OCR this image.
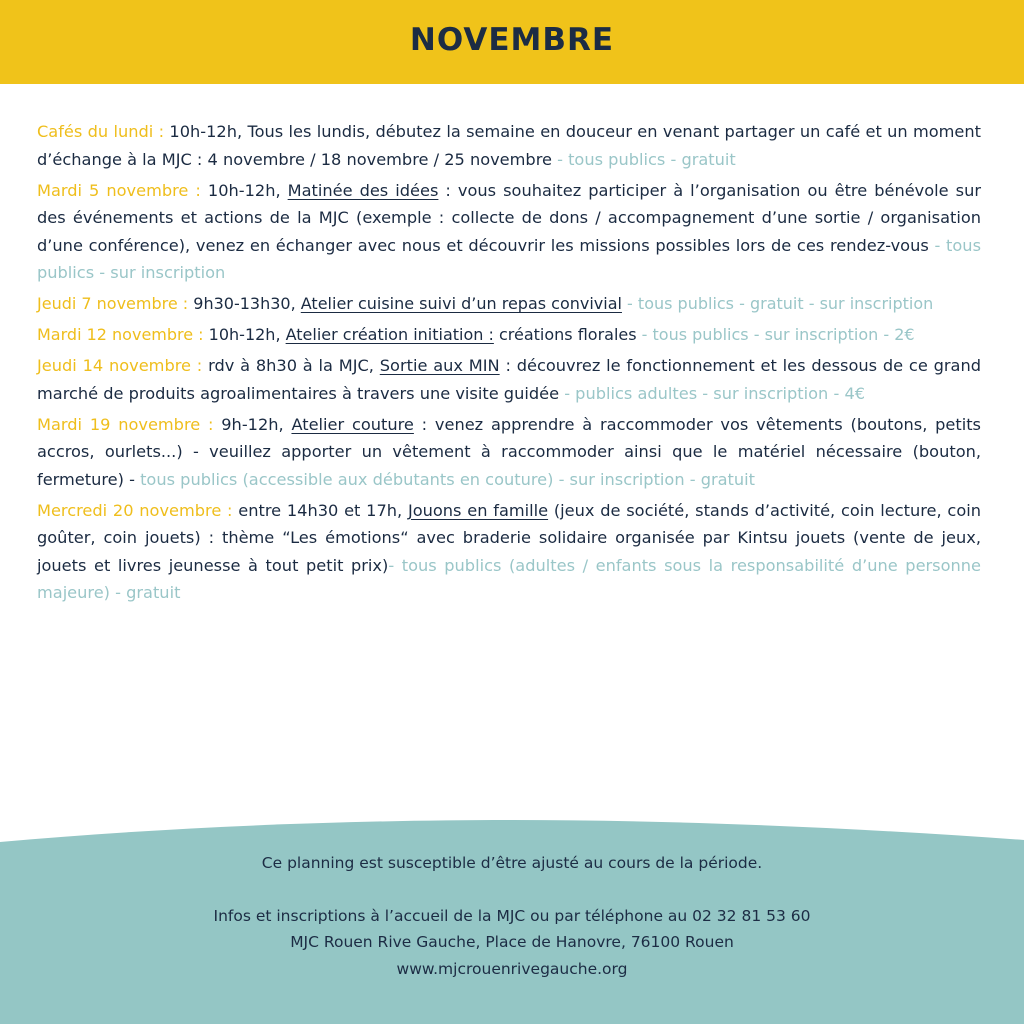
NOVEMBRE

Cafés du lundi : 10h-12h, Tous les lundis, débutez la semaine en douceur en venant partager un café et un moment d’échange à la MJC : 4 novembre / 18 novembre / 25 novembre - tous publics - gratuit

Mardi 5 novembre : 10h-12h, Matinée des idées : vous souhaitez participer à l’organisation ou être bénévole sur des événements et actions de la MJC (exemple : collecte de dons / accompagnement d’une sortie / organisation d’une conférence), venez en échanger avec nous et découvrir les missions possibles lors de ces rendez-vous - tous publics - sur inscription

Jeudi 7 novembre : 9h30-13h30, Atelier cuisine suivi d’un repas convivial - tous publics - gratuit - sur inscription

Mardi 12 novembre : 10h-12h, Atelier création initiation : créations florales - tous publics - sur inscription - 2€

Jeudi 14 novembre : rdv à 8h30 à la MJC, Sortie aux MIN : découvrez le fonctionnement et les dessous de ce grand marché de produits agroalimentaires à travers une visite guidée - publics adultes - sur inscription - 4€

Mardi 19 novembre : 9h-12h, Atelier couture : venez apprendre à raccommoder vos vêtements (boutons, petits accros, ourlets...) - veuillez apporter un vêtement à raccommoder ainsi que le matériel nécessaire (bouton, fermeture) - tous publics (accessible aux débutants en couture) - sur inscription - gratuit

Mercredi 20 novembre : entre 14h30 et 17h, Jouons en famille (jeux de société, stands d’activité, coin lecture, coin goûter, coin jouets) : thème “Les émotions“ avec braderie solidaire organisée par Kintsu jouets (vente de jeux, jouets et livres jeunesse à tout petit prix)- tous publics (adultes / enfants sous la responsabilité d’une personne majeure) - gratuit

Ce planning est susceptible d’être ajusté au cours de la période.
Infos et inscriptions à l’accueil de la MJC ou par téléphone au 02 32 81 53 60
MJC Rouen Rive Gauche, Place de Hanovre, 76100 Rouen
www.mjcrouenrivegauche.org
